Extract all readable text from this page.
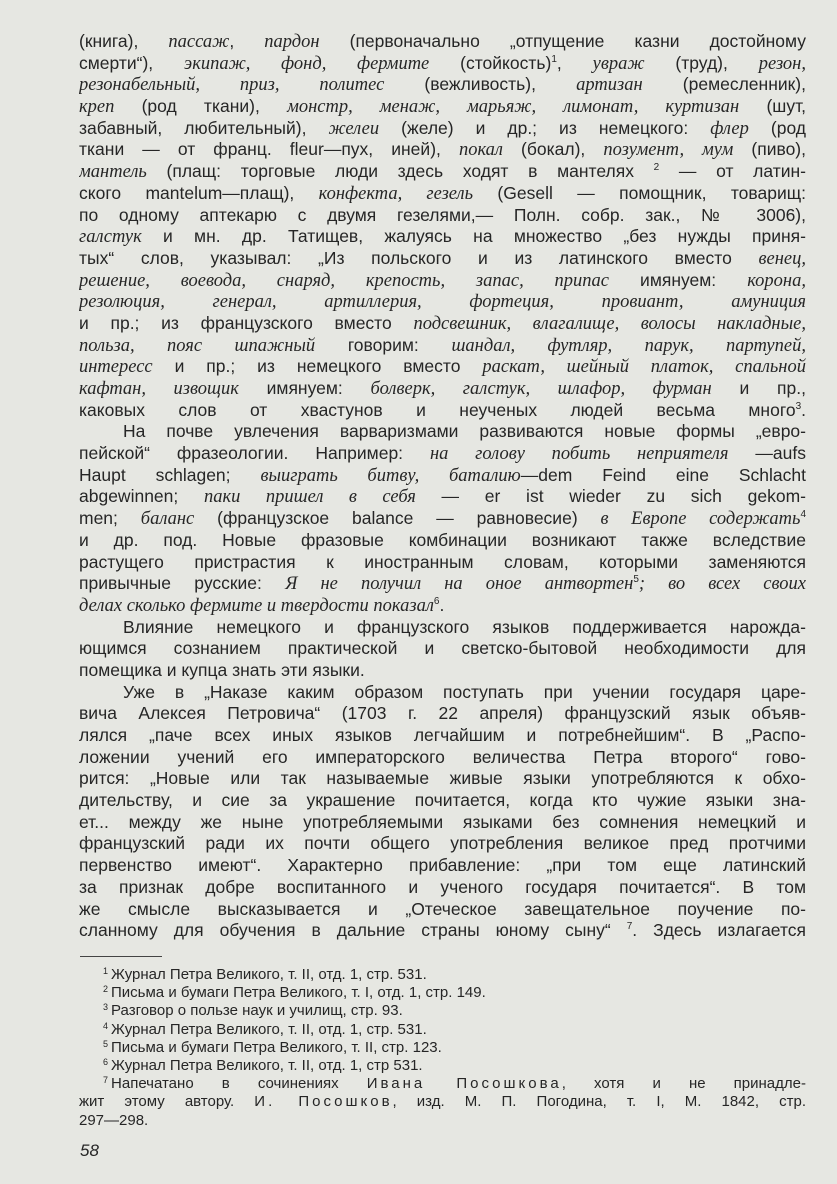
(книга), пассаж, пардон (первоначально „отпущение казни достойному
смерти“), экипаж, фонд, фермите (стойкость)$^1$, увраж (труд), резон,
резонабельный, приз, политес (вежливость), артизан (ремесленник),
креп (род ткани), монстр, менаж, марьяж, лимонат, куртизан (шут,
забавный, любительный), желеи (желе) и др.; из немецкого: флер (род
ткани — от франц. fleur—пух, иней), покал (бокал), позумент, мум (пиво),
мантель (плащ: торговые люди здесь ходят в мантелях $^2$ — от латин-
ского mantelum—плащ), конфекта, гезель (Gesell — помощник, товарищ:
по одному аптекарю с двумя гезелями,— Полн. собр. зак., № 3006),
галстук и мн. др. Татищев, жалуясь на множество „без нужды приня-
тых“ слов, указывал: „Из польского и из латинского вместо венец,
решение, воевода, снаряд, крепость, запас, припас имянуем: корона,
резолюция, генерал, артиллерия, фортеция, провиант, амуниция
и пр.; из французского вместо подсвешник, влагалище, волосы накладные,
польза, пояс шпажный говорим: шандал, футляр, парук, партупей,
интересс и пр.; из немецкого вместо раскат, шейный платок, спальной
кафтан, извощик имянуем: болверк, галстук, шлафор, фурман и пр.,
каковых слов от хвастунов и неученых людей весьма много$^3$.
На почве увлечения варваризмами развиваются новые формы „евро-
пейской“ фразеологии. Например: на голову побить неприятеля —aufs
Haupt schlagen; выиграть битву, баталию—dem Feind eine Schlacht
abgewinnen; паки пришел в себя — er ist wieder zu sich gekom-
men; баланс (французское balance — равновесие) в Европе содержать$^4$
и др. под. Новые фразовые комбинации возникают также вследствие
растущего пристрастия к иностранным словам, которыми заменяются
привычные русские: Я не получил на оное антвортен$^5$; во всех своих
делах сколько фермите и твердости показал$^6$.
Влияние немецкого и французского языков поддерживается нарожда-
ющимся сознанием практической и светско-бытовой необходимости для
помещика и купца знать эти языки.
Уже в „Наказе каким образом поступать при учении государя царе-
вича Алексея Петровича“ (1703 г. 22 апреля) французский язык объяв-
лялся „паче всех иных языков легчайшим и потребнейшим“. В „Распо-
ложении учений его императорского величества Петра второго“ гово-
рится: „Новые или так называемые живые языки употребляются к обхо-
дительству, и сие за украшение почитается, когда кто чужие языки зна-
ет... между же ныне употребляемыми языками без сомнения немецкий и
французский ради их почти общего употребления великое пред протчими
первенство имеют“. Характерно прибавление: „при том еще латинский
за признак добре воспитанного и ученого государя почитается“. В том
же смысле высказывается и „Отеческое завещательное поучение по-
сланному для обучения в дальние страны юному сыну“ $^7$. Здесь излагается
$^1$ Журнал Петра Великого, т. II, отд. 1, стр. 531.
$^2$ Письма и бумаги Петра Великого, т. I, отд. 1, стр. 149.
$^3$ Разговор о пользе наук и училищ, стр. 93.
$^4$ Журнал Петра Великого, т. II, отд. 1, стр. 531.
$^5$ Письма и бумаги Петра Великого, т. II, стр. 123.
$^6$ Журнал Петра Великого, т. II, отд. 1, стр 531.
$^7$ Напечатано в сочинениях Ивана Посошкова, хотя и не принадле-
жит этому автору. И. Посошков, изд. М. П. Погодина, т. I, М. 1842, стр.
297—298.
58
